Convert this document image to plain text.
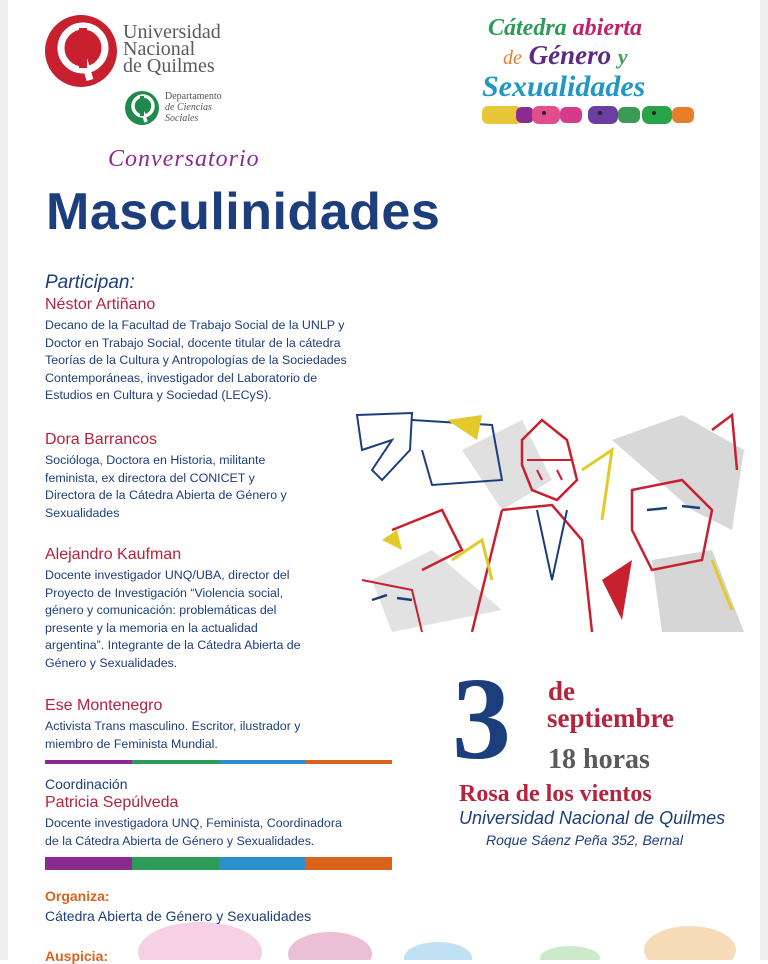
Universidad
Nacional
de Quilmes
Departamento
de Ciencias
Sociales
Cátedra abierta
de Género y
Sexualidades
Conversatorio
Masculinidades
Participan:
Néstor Artiñano
Decano de la Facultad de Trabajo Social de la UNLP y
Doctor en Trabajo Social, docente titular de la cátedra
Teorías de la Cultura y Antropologías de la Sociedades
Contemporáneas, investigador del Laboratorio de
Estudios en Cultura y Sociedad (LECyS).
Dora Barrancos
Socióloga, Doctora en Historia, militante
feminista, ex directora del CONICET y
Directora de la Cátedra Abierta de Género y
Sexualidades
Alejandro Kaufman
Docente investigador UNQ/UBA, director del
Proyecto de Investigación “Violencia social,
género y comunicación: problemáticas del
presente y la memoria en la actualidad
argentina”. Integrante de la Cátedra Abierta de
Género y Sexualidades.
Ese Montenegro
Activista Trans masculino. Escritor, ilustrador y
miembro de Feminista Mundial.
Coordinación
Patricia Sepúlveda
Docente investigadora UNQ, Feminista, Coordinadora
de la Cátedra Abierta de Género y Sexualidades.
3 de
septiembre
18 horas
Rosa de los vientos
Universidad Nacional de Quilmes
Roque Sáenz Peña 352, Bernal
Organiza:
Cátedra Abierta de Género y Sexualidades
Auspicia:
